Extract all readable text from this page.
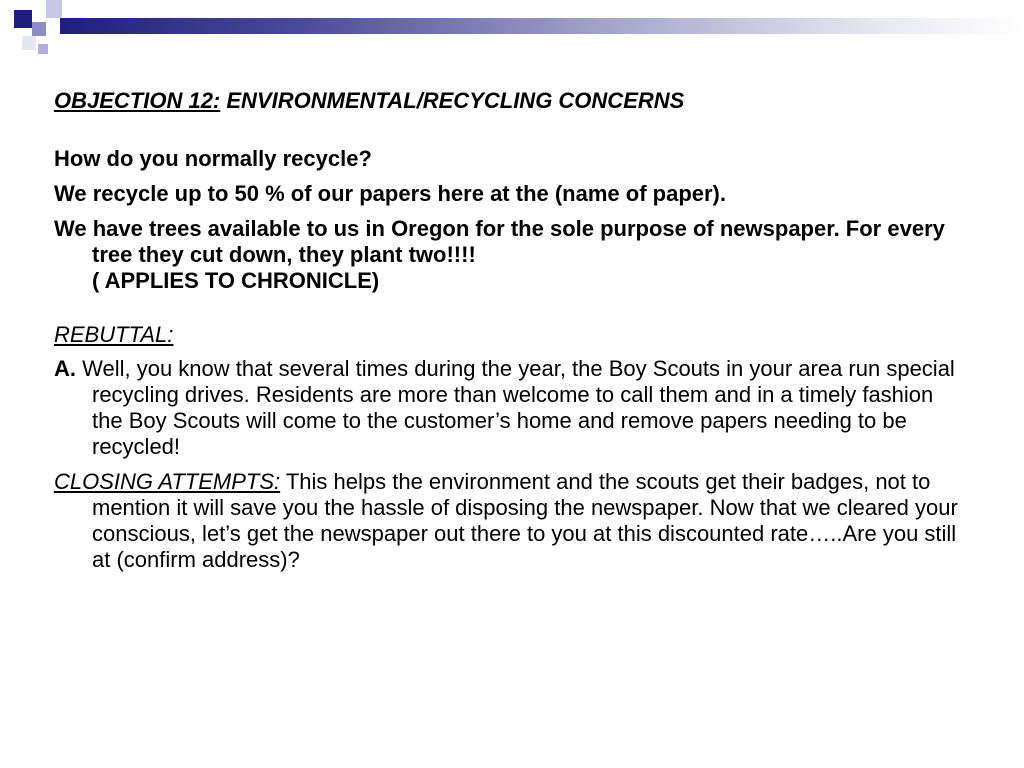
OBJECTION 12: ENVIRONMENTAL/RECYCLING CONCERNS
How do you normally recycle?
We recycle up to 50 % of our papers here at the (name of paper).
We have trees available to us in Oregon for the sole purpose of newspaper. For every tree they cut down, they plant two!!!!
( APPLIES TO CHRONICLE)
REBUTTAL:
A. Well, you know that several times during the year, the Boy Scouts in your area run special recycling drives. Residents are more than welcome to call them and in a timely fashion the Boy Scouts will come to the customer’s home and remove papers needing to be recycled!
CLOSING ATTEMPTS: This helps the environment and the scouts get their badges, not to mention it will save you the hassle of disposing the newspaper. Now that we cleared your conscious, let’s get the newspaper out there to you at this discounted rate…..Are you still at (confirm address)?
